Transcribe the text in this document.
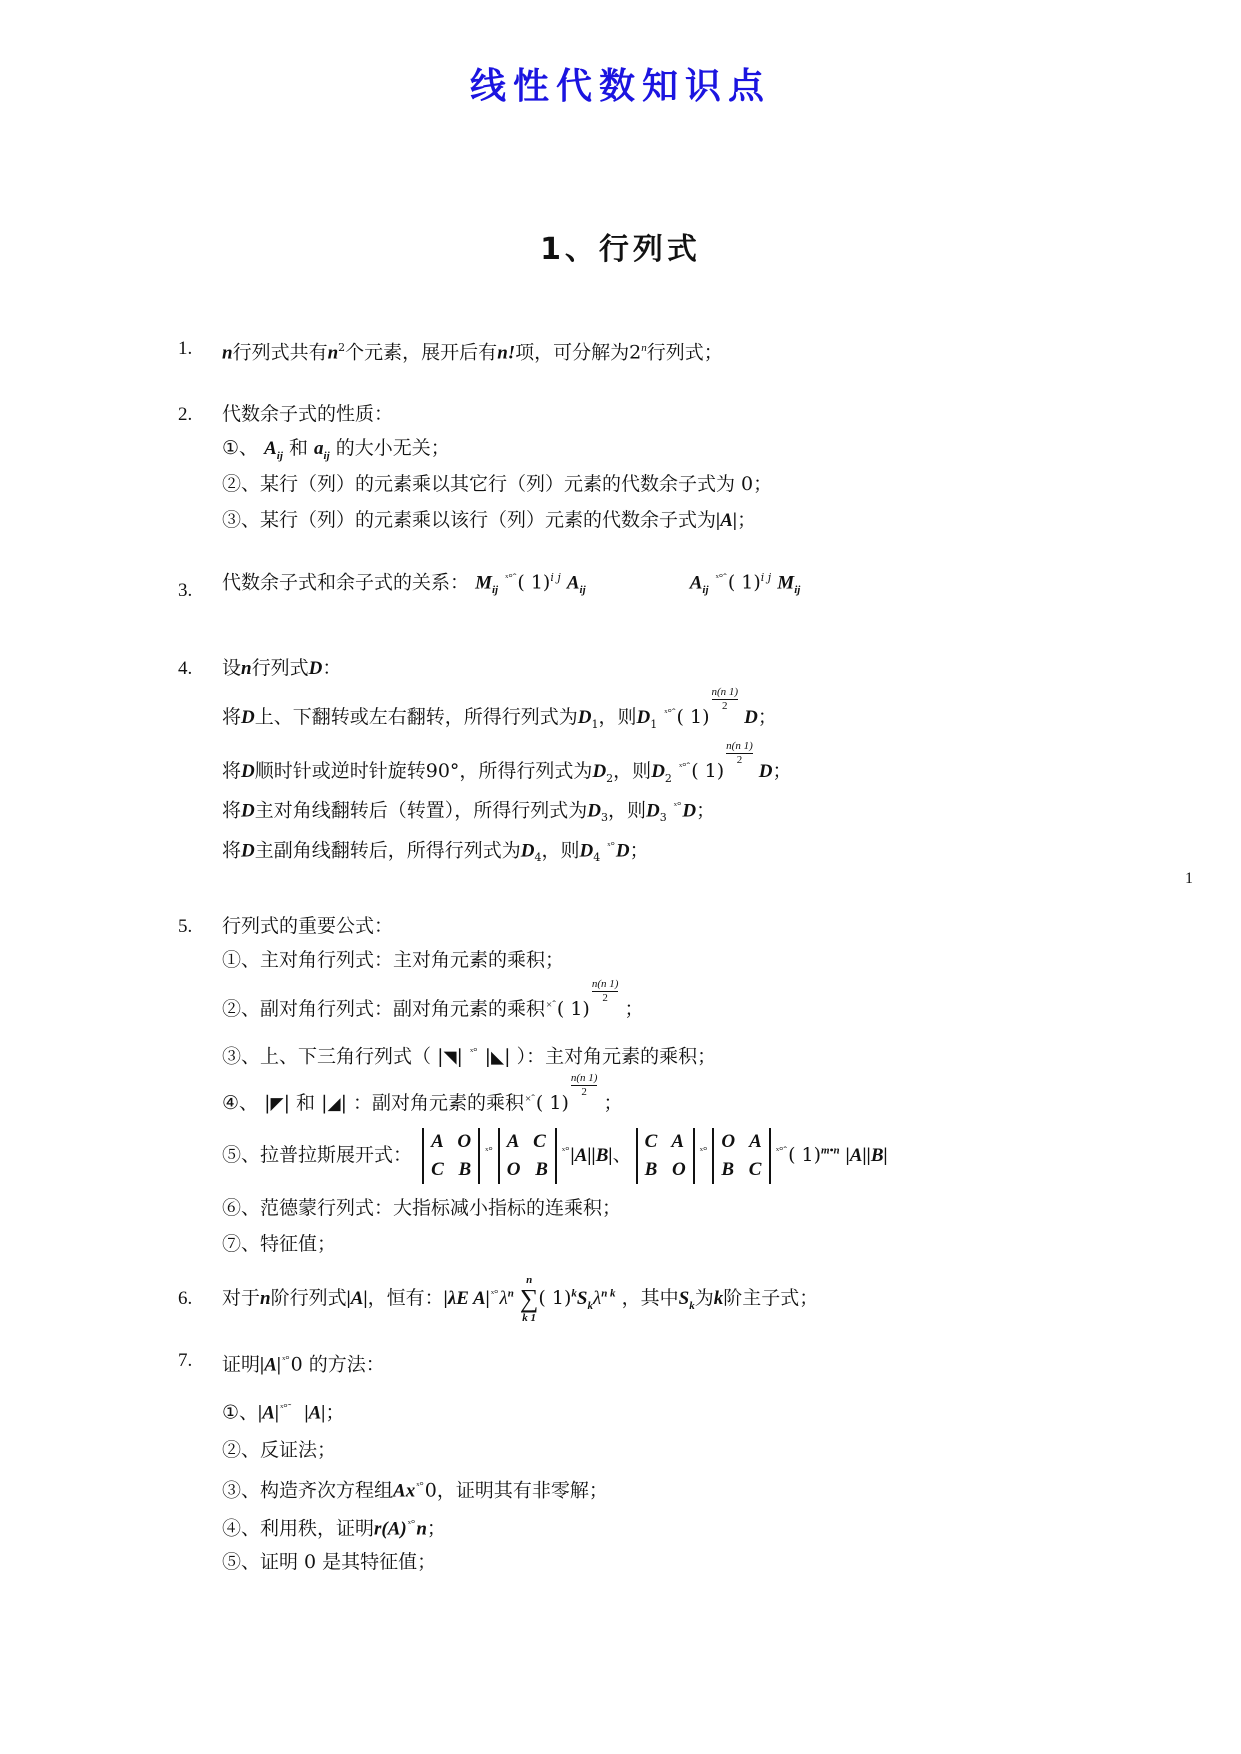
线性代数知识点
1、行列式
1
1. n行列式共有$n^2$个元素，展开后有n!项，可分解为2$^n$行列式；
2. 代数余子式的性质：
①、 $A_{ij}$ 和 $a_{ij}$ 的大小无关；
②、某行（列）的元素乘以其它行（列）元素的代数余子式为 0；
③、某行（列）的元素乘以该行（列）元素的代数余子式为|A|；
3. 代数余子式和余子式的关系： $M_{ij}$ $^{ˣ^\circ ˆ}$( 1)$^{i j}$ $A_{ij}$	$A_{ij}$ $^{ˣ^\circ ˆ}$( 1)$^{i j}$ $M_{ij}$
4. 设n行列式D：
将D上、下翻转或左右翻转，所得行列式为$D_1$，则$D_1$ $^{ˣ^\circ ˆ}$( $1)\frac{n(n 1)}{2}$
D；
将D顺时针或逆时针旋转90°，所得行列式为$D_2$，则$D_2$ $^{ˣ^\circ ˆ}$( $1)\frac{n(n 1)}{2}$
D；
将D主对角线翻转后（转置），所得行列式为$D_3$，则$D_3$ $^{ˣ^\circ}$D；
将D主副角线翻转后，所得行列式为$D_4$，则$D_4$ $^{ˣ^\circ}$D；
5. 行列式的重要公式：
①、主对角行列式：主对角元素的乘积；
②、副对角行列式：副对角元素的乘积$^{\times ˆ}$( $1)\frac{n(n 1)}{2}$
；
③、上、下三角行列式（ |◥| $^{ˣ^\circ}$ |◣| ）：主对角元素的乘积；
④、 |◤| 和 |◢| ：副对角元素的乘积$^{\times ˆ}$( $1)\frac{n(n 1)}{2}$
；
⑤、拉普拉斯展开式：
A O
C B
$^{ˣ^\circ}$ A C
O B
$^{ˣ^\circ}$|A||B|、
C A
B O
$^{ˣ^\circ}$ O A
B C
$^{ˣ^\circ ˆ}$( 1)$^{m•n}$ |A||B|
⑥、范德蒙行列式：大指标减小指标的连乘积；
⑦、特征值；
6. 对于n阶行列式|A|，恒有：|λE $A|^{ˣ^\circ}\lambda^n$
n
∑
k 1
( $1)^kS_k\lambda^{n k}$ ，其中$S_k$为k阶主子式；
7. 证明$|A|^{ˣ^\circ}0$ 的方法：
①、$|A|^{ˣ^\circ˜}$ |A|；
②、反证法；
③、构造齐次方程组$Ax^{ˣ^\circ}0$，证明其有非零解；
④、利用秩，证明$r(A)^{ˣ^\circ}n$；
⑤、证明 0 是其特征值；
